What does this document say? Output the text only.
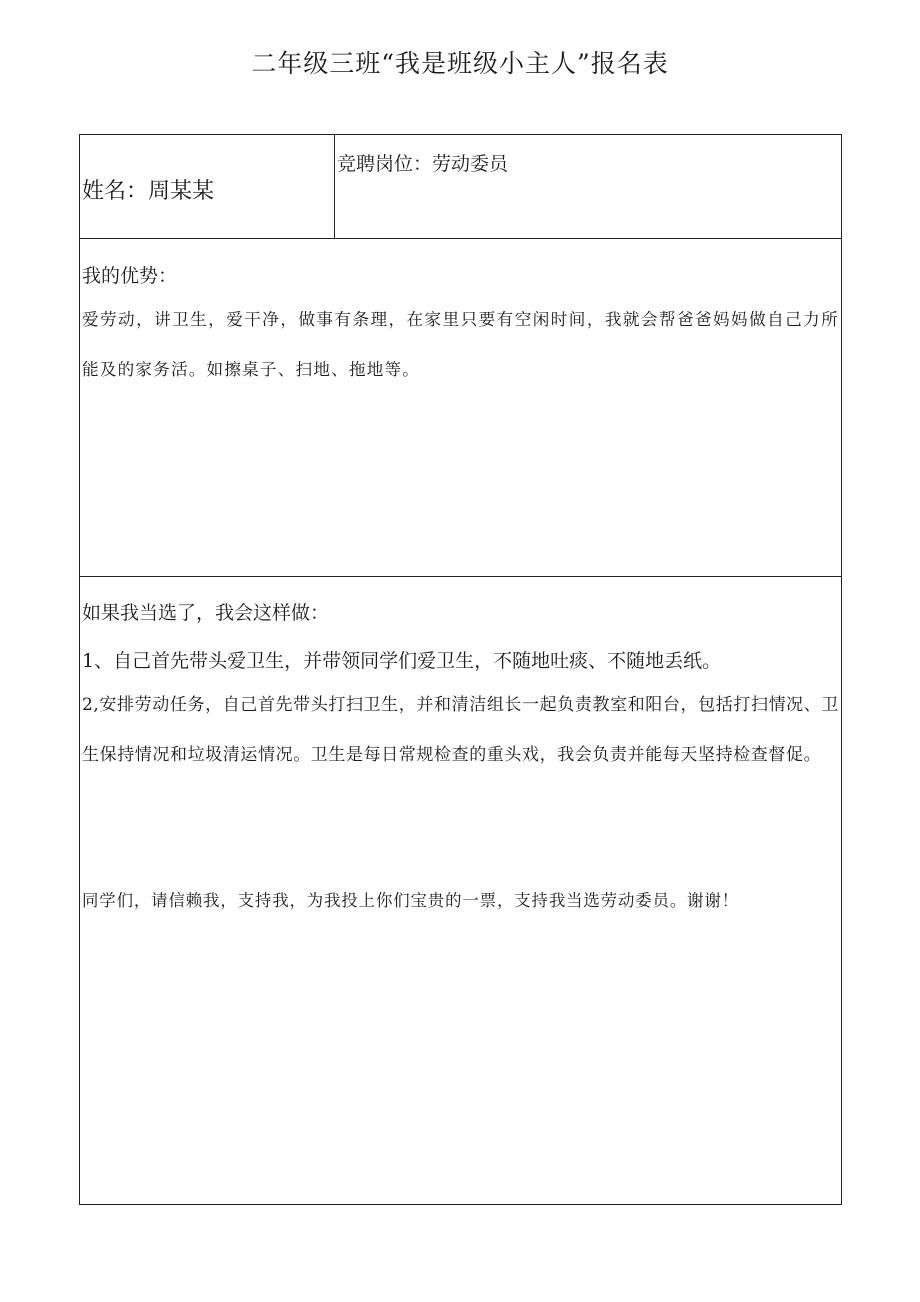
二年级三班“我是班级小主人”报名表
姓名：周某某
竞聘岗位：劳动委员
我的优势：
爱劳动，讲卫生，爱干净，做事有条理，在家里只要有空闲时间，我就会帮爸爸妈妈做自己力所能及的家务活。如擦桌子、扫地、拖地等。
如果我当选了，我会这样做：
1、自己首先带头爱卫生，并带领同学们爱卫生，不随地吐痰、不随地丢纸。
2,安排劳动任务，自己首先带头打扫卫生，并和清洁组长一起负责教室和阳台，包括打扫情况、卫生保持情况和垃圾清运情况。卫生是每日常规检查的重头戏，我会负责并能每天坚持检查督促。
同学们，请信赖我，支持我，为我投上你们宝贵的一票，支持我当选劳动委员。谢谢！
